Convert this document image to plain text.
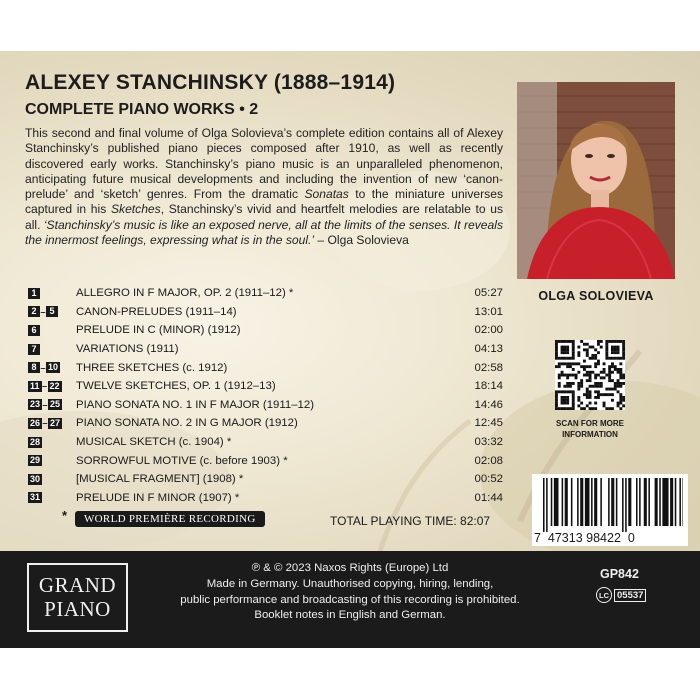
ALEXEY STANCHINSKY (1888–1914)
COMPLETE PIANO WORKS • 2
This second and final volume of Olga Solovieva’s complete edition contains all of Alexey Stanchinsky’s published piano pieces composed after 1910, as well as recently discovered early works. Stanchinsky’s piano music is an unparalleled phenomenon, anticipating future musical developments and including the invention of new ‘canon-prelude’ and ‘sketch’ genres. From the dramatic Sonatas to the miniature universes captured in his Sketches, Stanchinsky’s vivid and heartfelt melodies are relatable to us all. ‘Stanchinsky’s music is like an exposed nerve, all at the limits of the senses. It reveals the innermost feelings, expressing what is in the soul.’ – Olga Solovieva
OLGA SOLOVIEVA
1	ALLEGRO IN F MAJOR, OP. 2 (1911–12) *	05:27
2 – 5	CANON-PRELUDES (1911–14)	13:01
6	PRELUDE IN C (MINOR) (1912)	02:00
7	VARIATIONS (1911)	04:13
8 – 10 THREE SKETCHES (c. 1912)	02:58
11 – 22 TWELVE SKETCHES, OP. 1 (1912–13)	18:14
23 – 25 PIANO SONATA NO. 1 IN F MAJOR (1911–12)	14:46
26 – 27 PIANO SONATA NO. 2 IN G MAJOR (1912)	12:45
28	MUSICAL SKETCH (c. 1904) *	03:32
29	SORROWFUL MOTIVE (c. before 1903) *	02:08
30	[MUSICAL FRAGMENT] (1908) *	00:52
31	PRELUDE IN F MINOR (1907) *	01:44
*	WORLD PREMIÈRE RECORDING	TOTAL PLAYING TIME: 82:07
SCAN FOR MORE
INFORMATION
7  47313 98422  0
GRAND
PIANO
℗ & © 2023 Naxos Rights (Europe) Ltd
Made in Germany. Unauthorised copying, hiring, lending,
public performance and broadcasting of this recording is prohibited.
Booklet notes in English and German.
GP842
LC 05537
